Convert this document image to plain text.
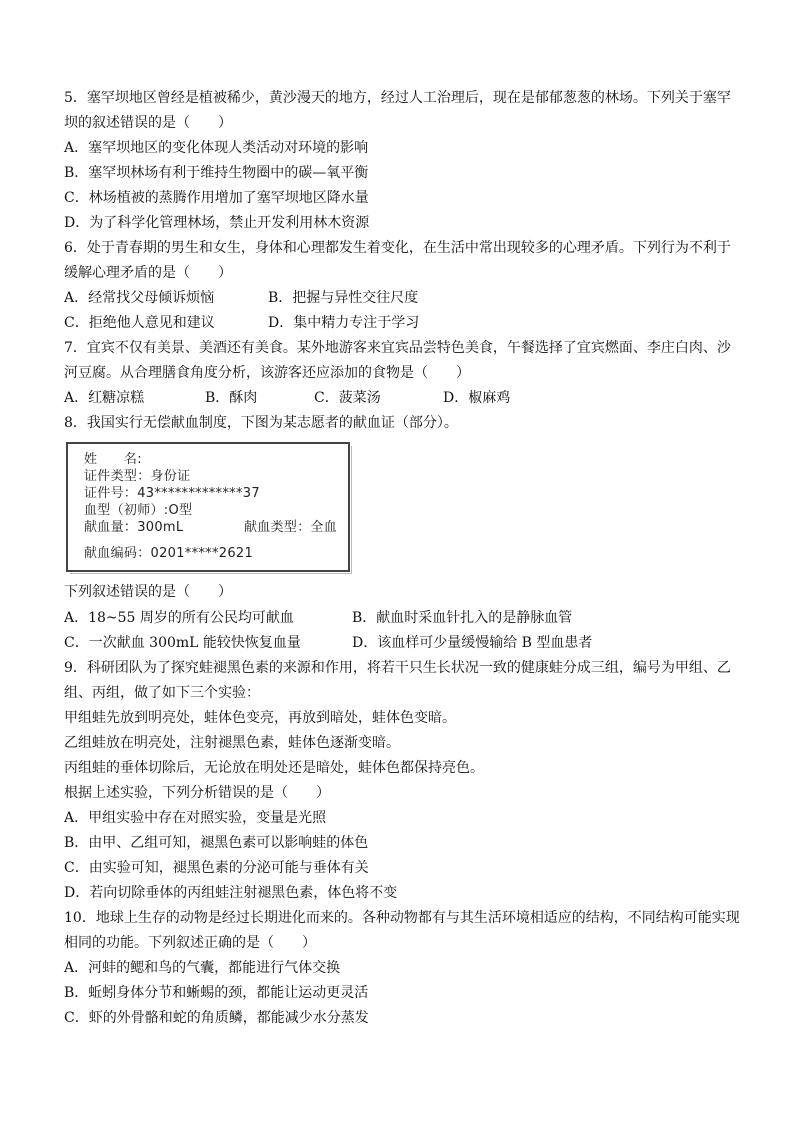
5．塞罕坝地区曾经是植被稀少，黄沙漫天的地方，经过人工治理后，现在是郁郁葱葱的林场。下列关于塞罕
坝的叙述错误的是（　　）
A．塞罕坝地区的变化体现人类活动对环境的影响
B．塞罕坝林场有利于维持生物圈中的碳—氧平衡
C．林场植被的蒸腾作用增加了塞罕坝地区降水量
D．为了科学化管理林场，禁止开发利用林木资源
6．处于青春期的男生和女生，身体和心理都发生着变化，在生活中常出现较多的心理矛盾。下列行为不利于
缓解心理矛盾的是（　　）
A．经常找父母倾诉烦恼	B．把握与异性交往尺度
C．拒绝他人意见和建议	D．集中精力专注于学习
7．宜宾不仅有美景、美酒还有美食。某外地游客来宜宾品尝特色美食，午餐选择了宜宾燃面、李庄白肉、沙
河豆腐。从合理膳食角度分析，该游客还应添加的食物是（　　）
A．红糖凉糕	B．酥肉	C．菠菜汤	D．椒麻鸡
8．我国实行无偿献血制度，下图为某志愿者的献血证（部分）。
姓　　名:
证件类型：身份证
证件号：43*************37
血型（初师）:O型
献血量：300mL	献血类型：全血
献血编码：0201*****2621
下列叙述错误的是（　　）
A．18~55 周岁的所有公民均可献血	B．献血时采血针扎入的是静脉血管
C．一次献血 300mL 能较快恢复血量	D．该血样可少量缓慢输给 B 型血患者
9．科研团队为了探究蛙褪黑色素的来源和作用，将若干只生长状况一致的健康蛙分成三组，编号为甲组、乙
组、丙组，做了如下三个实验：
甲组蛙先放到明亮处，蛙体色变亮，再放到暗处，蛙体色变暗。
乙组蛙放在明亮处，注射褪黑色素，蛙体色逐渐变暗。
丙组蛙的垂体切除后，无论放在明处还是暗处，蛙体色都保持亮色。
根据上述实验，下列分析错误的是（　　）
A．甲组实验中存在对照实验，变量是光照
B．由甲、乙组可知，褪黑色素可以影响蛙的体色
C．由实验可知，褪黑色素的分泌可能与垂体有关
D．若向切除垂体的丙组蛙注射褪黑色素，体色将不变
10．地球上生存的动物是经过长期进化而来的。各种动物都有与其生活环境相适应的结构，不同结构可能实现
相同的功能。下列叙述正确的是（　　）
A．河蚌的鳃和鸟的气囊，都能进行气体交换
B．蚯蚓身体分节和蜥蜴的颈，都能让运动更灵活
C．虾的外骨骼和蛇的角质鳞，都能减少水分蒸发
